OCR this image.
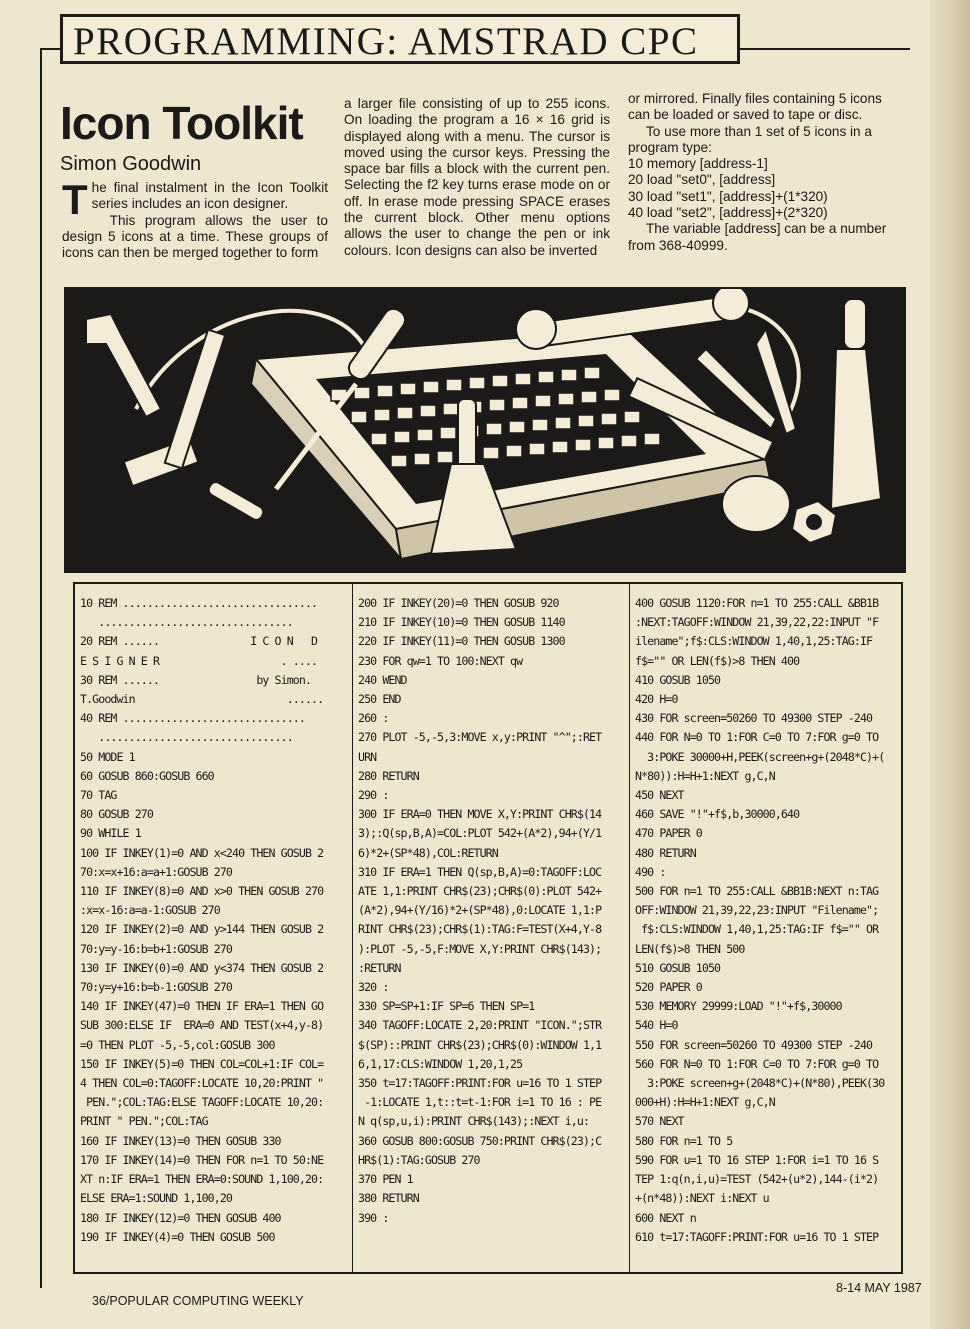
PROGRAMMING: AMSTRAD CPC
Icon Toolkit
Simon Goodwin

The final instalment in the Icon Toolkit series includes an icon designer.

This program allows the user to design 5 icons at a time. These groups of icons can then be merged together to form

a larger file consisting of up to 255 icons. On loading the program a 16 × 16 grid is displayed along with a menu. The cursor is moved using the cursor keys. Pressing the space bar fills a block with the current pen. Selecting the f2 key turns erase mode on or off. In erase mode pressing SPACE erases the current block. Other menu options allows the user to change the pen or ink colours. Icon designs can also be inverted

or mirrored. Finally files containing 5 icons can be loaded or saved to tape or disc.

To use more than 1 set of 5 icons in a program type:

10 memory [address-1]

20 load "set0", [address]

30 load "set1", [address]+(1*320)

40 load "set2", [address]+(2*320)

The variable [address] can be a number from 368-40999.

10 REM ................................
................................
20 REM ......               I C O N   D
E S I G N E R                    . ....
30 REM ......                by Simon.
T.Goodwin                         ......
40 REM ..............................
................................
50 MODE 1
60 GOSUB 860:GOSUB 660
70 TAG
80 GOSUB 270
90 WHILE 1
100 IF INKEY(1)=0 AND x<240 THEN GOSUB 2
70:x=x+16:a=a+1:GOSUB 270
110 IF INKEY(8)=0 AND x>0 THEN GOSUB 270
:x=x-16:a=a-1:GOSUB 270
120 IF INKEY(2)=0 AND y>144 THEN GOSUB 2
70:y=y-16:b=b+1:GOSUB 270
130 IF INKEY(0)=0 AND y<374 THEN GOSUB 2
70:y=y+16:b=b-1:GOSUB 270
140 IF INKEY(47)=0 THEN IF ERA=1 THEN GO
SUB 300:ELSE IF  ERA=0 AND TEST(x+4,y-8)
=0 THEN PLOT -5,-5,col:GOSUB 300
150 IF INKEY(5)=0 THEN COL=COL+1:IF COL=
4 THEN COL=0:TAGOFF:LOCATE 10,20:PRINT "
PEN.";COL:TAG:ELSE TAGOFF:LOCATE 10,20:
PRINT " PEN.";COL:TAG
160 IF INKEY(13)=0 THEN GOSUB 330
170 IF INKEY(14)=0 THEN FOR n=1 TO 50:NE
XT n:IF ERA=1 THEN ERA=0:SOUND 1,100,20:
ELSE ERA=1:SOUND 1,100,20
180 IF INKEY(12)=0 THEN GOSUB 400
190 IF INKEY(4)=0 THEN GOSUB 500
200 IF INKEY(20)=0 THEN GOSUB 920
210 IF INKEY(10)=0 THEN GOSUB 1140
220 IF INKEY(11)=0 THEN GOSUB 1300
230 FOR qw=1 TO 100:NEXT qw
240 WEND
250 END
260 :
270 PLOT -5,-5,3:MOVE x,y:PRINT "^";:RET
URN
280 RETURN
290 :
300 IF ERA=0 THEN MOVE X,Y:PRINT CHR$(14
3);:Q(sp,B,A)=COL:PLOT 542+(A*2),94+(Y/1
6)*2+(SP*48),COL:RETURN
310 IF ERA=1 THEN Q(sp,B,A)=0:TAGOFF:LOC
ATE 1,1:PRINT CHR$(23);CHR$(0):PLOT 542+
(A*2),94+(Y/16)*2+(SP*48),0:LOCATE 1,1:P
RINT CHR$(23);CHR$(1):TAG:F=TEST(X+4,Y-8
):PLOT -5,-5,F:MOVE X,Y:PRINT CHR$(143);
:RETURN
320 :
330 SP=SP+1:IF SP=6 THEN SP=1
340 TAGOFF:LOCATE 2,20:PRINT "ICON.";STR
$(SP)::PRINT CHR$(23);CHR$(0):WINDOW 1,1
6,1,17:CLS:WINDOW 1,20,1,25
350 t=17:TAGOFF:PRINT:FOR u=16 TO 1 STEP
-1:LOCATE 1,t::t=t-1:FOR i=1 TO 16 : PE
N q(sp,u,i):PRINT CHR$(143);:NEXT i,u:
360 GOSUB 800:GOSUB 750:PRINT CHR$(23);C
HR$(1):TAG:GOSUB 270
370 PEN 1
380 RETURN
390 :
400 GOSUB 1120:FOR n=1 TO 255:CALL &BB1B
:NEXT:TAGOFF:WINDOW 21,39,22,22:INPUT "F
ilename";f$:CLS:WINDOW 1,40,1,25:TAG:IF
f$="" OR LEN(f$)>8 THEN 400
410 GOSUB 1050
420 H=0
430 FOR screen=50260 TO 49300 STEP -240
440 FOR N=0 TO 1:FOR C=0 TO 7:FOR g=0 TO
3:POKE 30000+H,PEEK(screen+g+(2048*C)+(
N*80)):H=H+1:NEXT g,C,N
450 NEXT
460 SAVE "!"+f$,b,30000,640
470 PAPER 0
480 RETURN
490 :
500 FOR n=1 TO 255:CALL &BB1B:NEXT n:TAG
OFF:WINDOW 21,39,22,23:INPUT "Filename";
f$:CLS:WINDOW 1,40,1,25:TAG:IF f$="" OR
LEN(f$)>8 THEN 500
510 GOSUB 1050
520 PAPER 0
530 MEMORY 29999:LOAD "!"+f$,30000
540 H=0
550 FOR screen=50260 TO 49300 STEP -240
560 FOR N=0 TO 1:FOR C=0 TO 7:FOR g=0 TO
3:POKE screen+g+(2048*C)+(N*80),PEEK(30
000+H):H=H+1:NEXT g,C,N
570 NEXT
580 FOR n=1 TO 5
590 FOR u=1 TO 16 STEP 1:FOR i=1 TO 16 S
TEP 1:q(n,i,u)=TEST (542+(u*2),144-(i*2)
+(n*48)):NEXT i:NEXT u
600 NEXT n
610 t=17:TAGOFF:PRINT:FOR u=16 TO 1 STEP
36/POPULAR COMPUTING WEEKLY
8-14 MAY 1987
